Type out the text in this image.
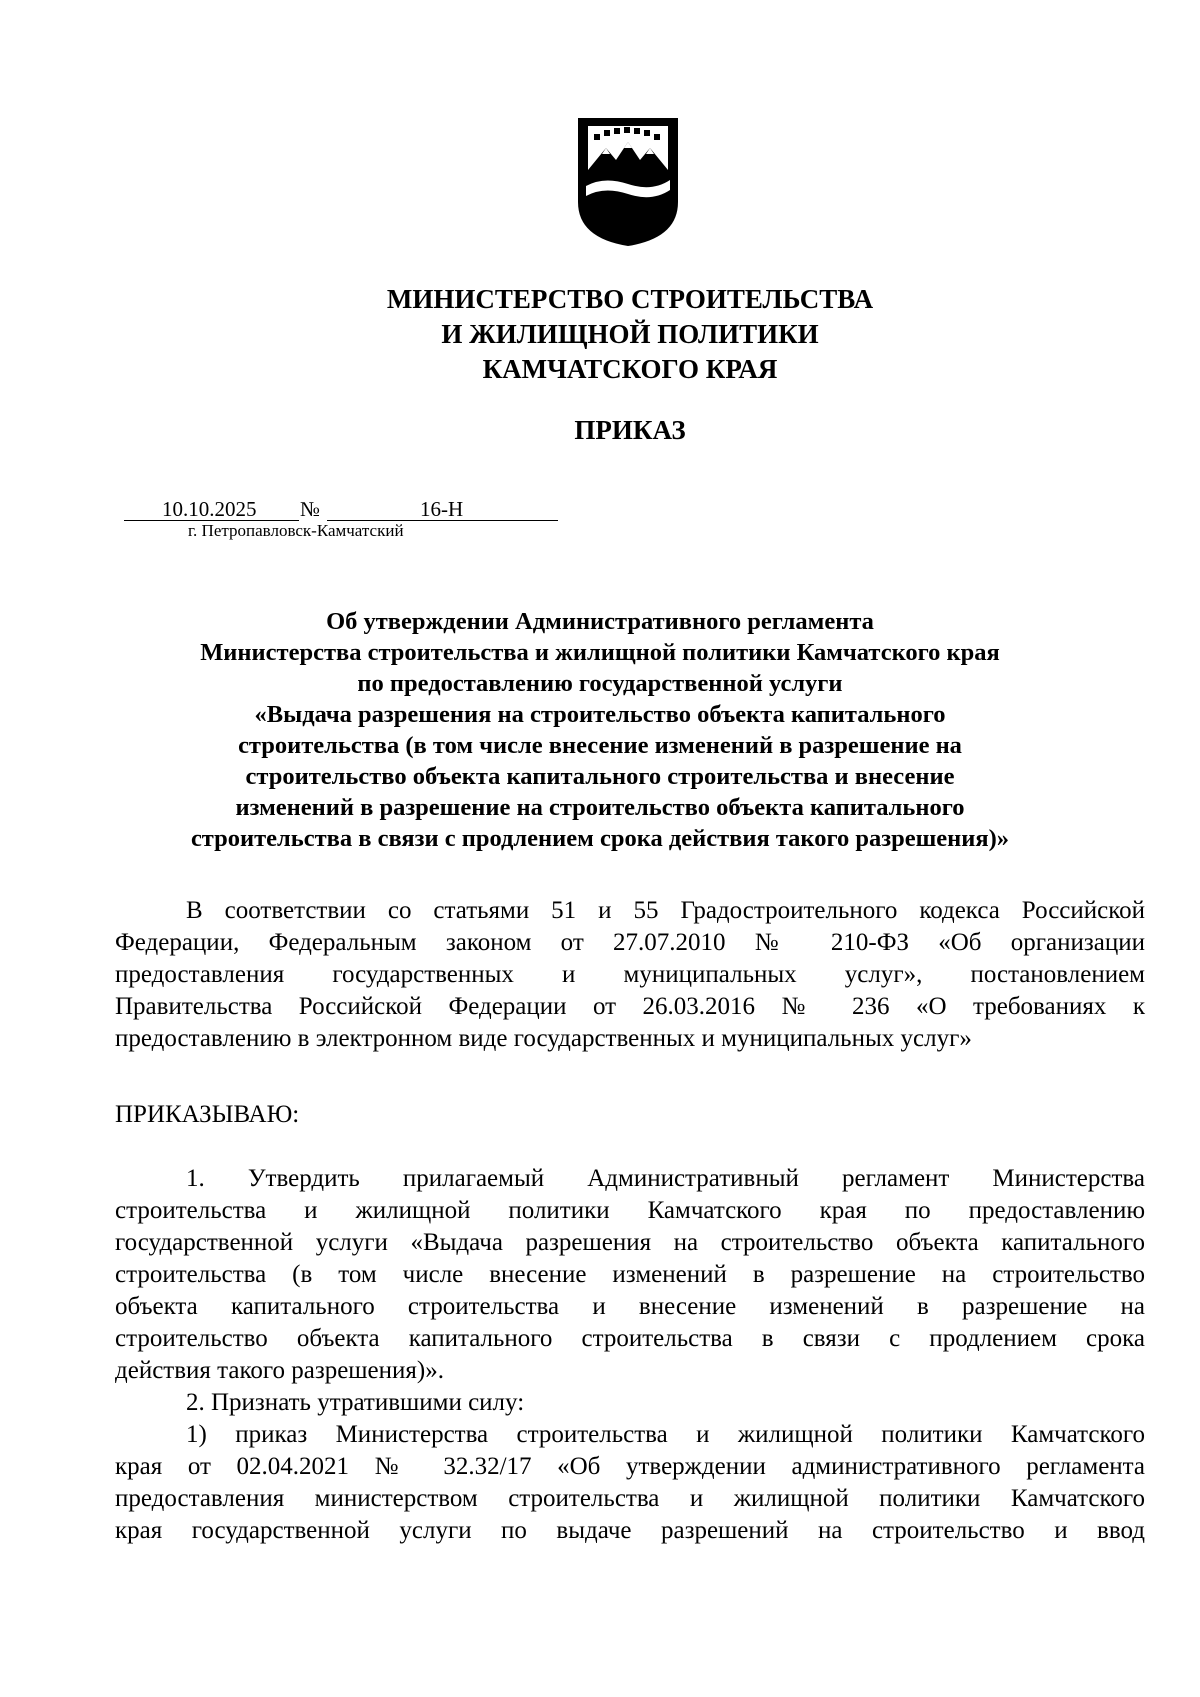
МИНИСТЕРСТВО СТРОИТЕЛЬСТВА
И ЖИЛИЩНОЙ ПОЛИТИКИ
КАМЧАТСКОГО КРАЯ
ПРИКАЗ
10.10.2025 №	16-Н
г. Петропавловск-Камчатский
Об утверждении Административного регламента
Министерства строительства и жилищной политики Камчатского края
по предоставлению государственной услуги
«Выдача разрешения на строительство объекта капитального
строительства (в том числе внесение изменений в разрешение на
строительство объекта капитального строительства и внесение
изменений в разрешение на строительство объекта капитального
строительства в связи с продлением срока действия такого разрешения)»
В соответствии со статьями 51 и 55 Градостроительного кодекса Российской
Федерации, Федеральным законом от 27.07.2010 № 210-ФЗ «Об организации
предоставления государственных и муниципальных услуг», постановлением
Правительства Российской Федерации от 26.03.2016 № 236 «О требованиях к
предоставлению в электронном виде государственных и муниципальных услуг»
ПРИКАЗЫВАЮ:
1. Утвердить прилагаемый Административный регламент Министерства
строительства и жилищной политики Камчатского края по предоставлению
государственной услуги «Выдача разрешения на строительство объекта капитального
строительства (в том числе внесение изменений в разрешение на строительство
объекта капитального строительства и внесение изменений в разрешение на
строительство объекта капитального строительства в связи с продлением срока
действия такого разрешения)».
2. Признать утратившими силу:
1) приказ Министерства строительства и жилищной политики Камчатского
края от 02.04.2021 № 32.32/17 «Об утверждении административного регламента
предоставления министерством строительства и жилищной политики Камчатского
края государственной услуги по выдаче разрешений на строительство и ввод
